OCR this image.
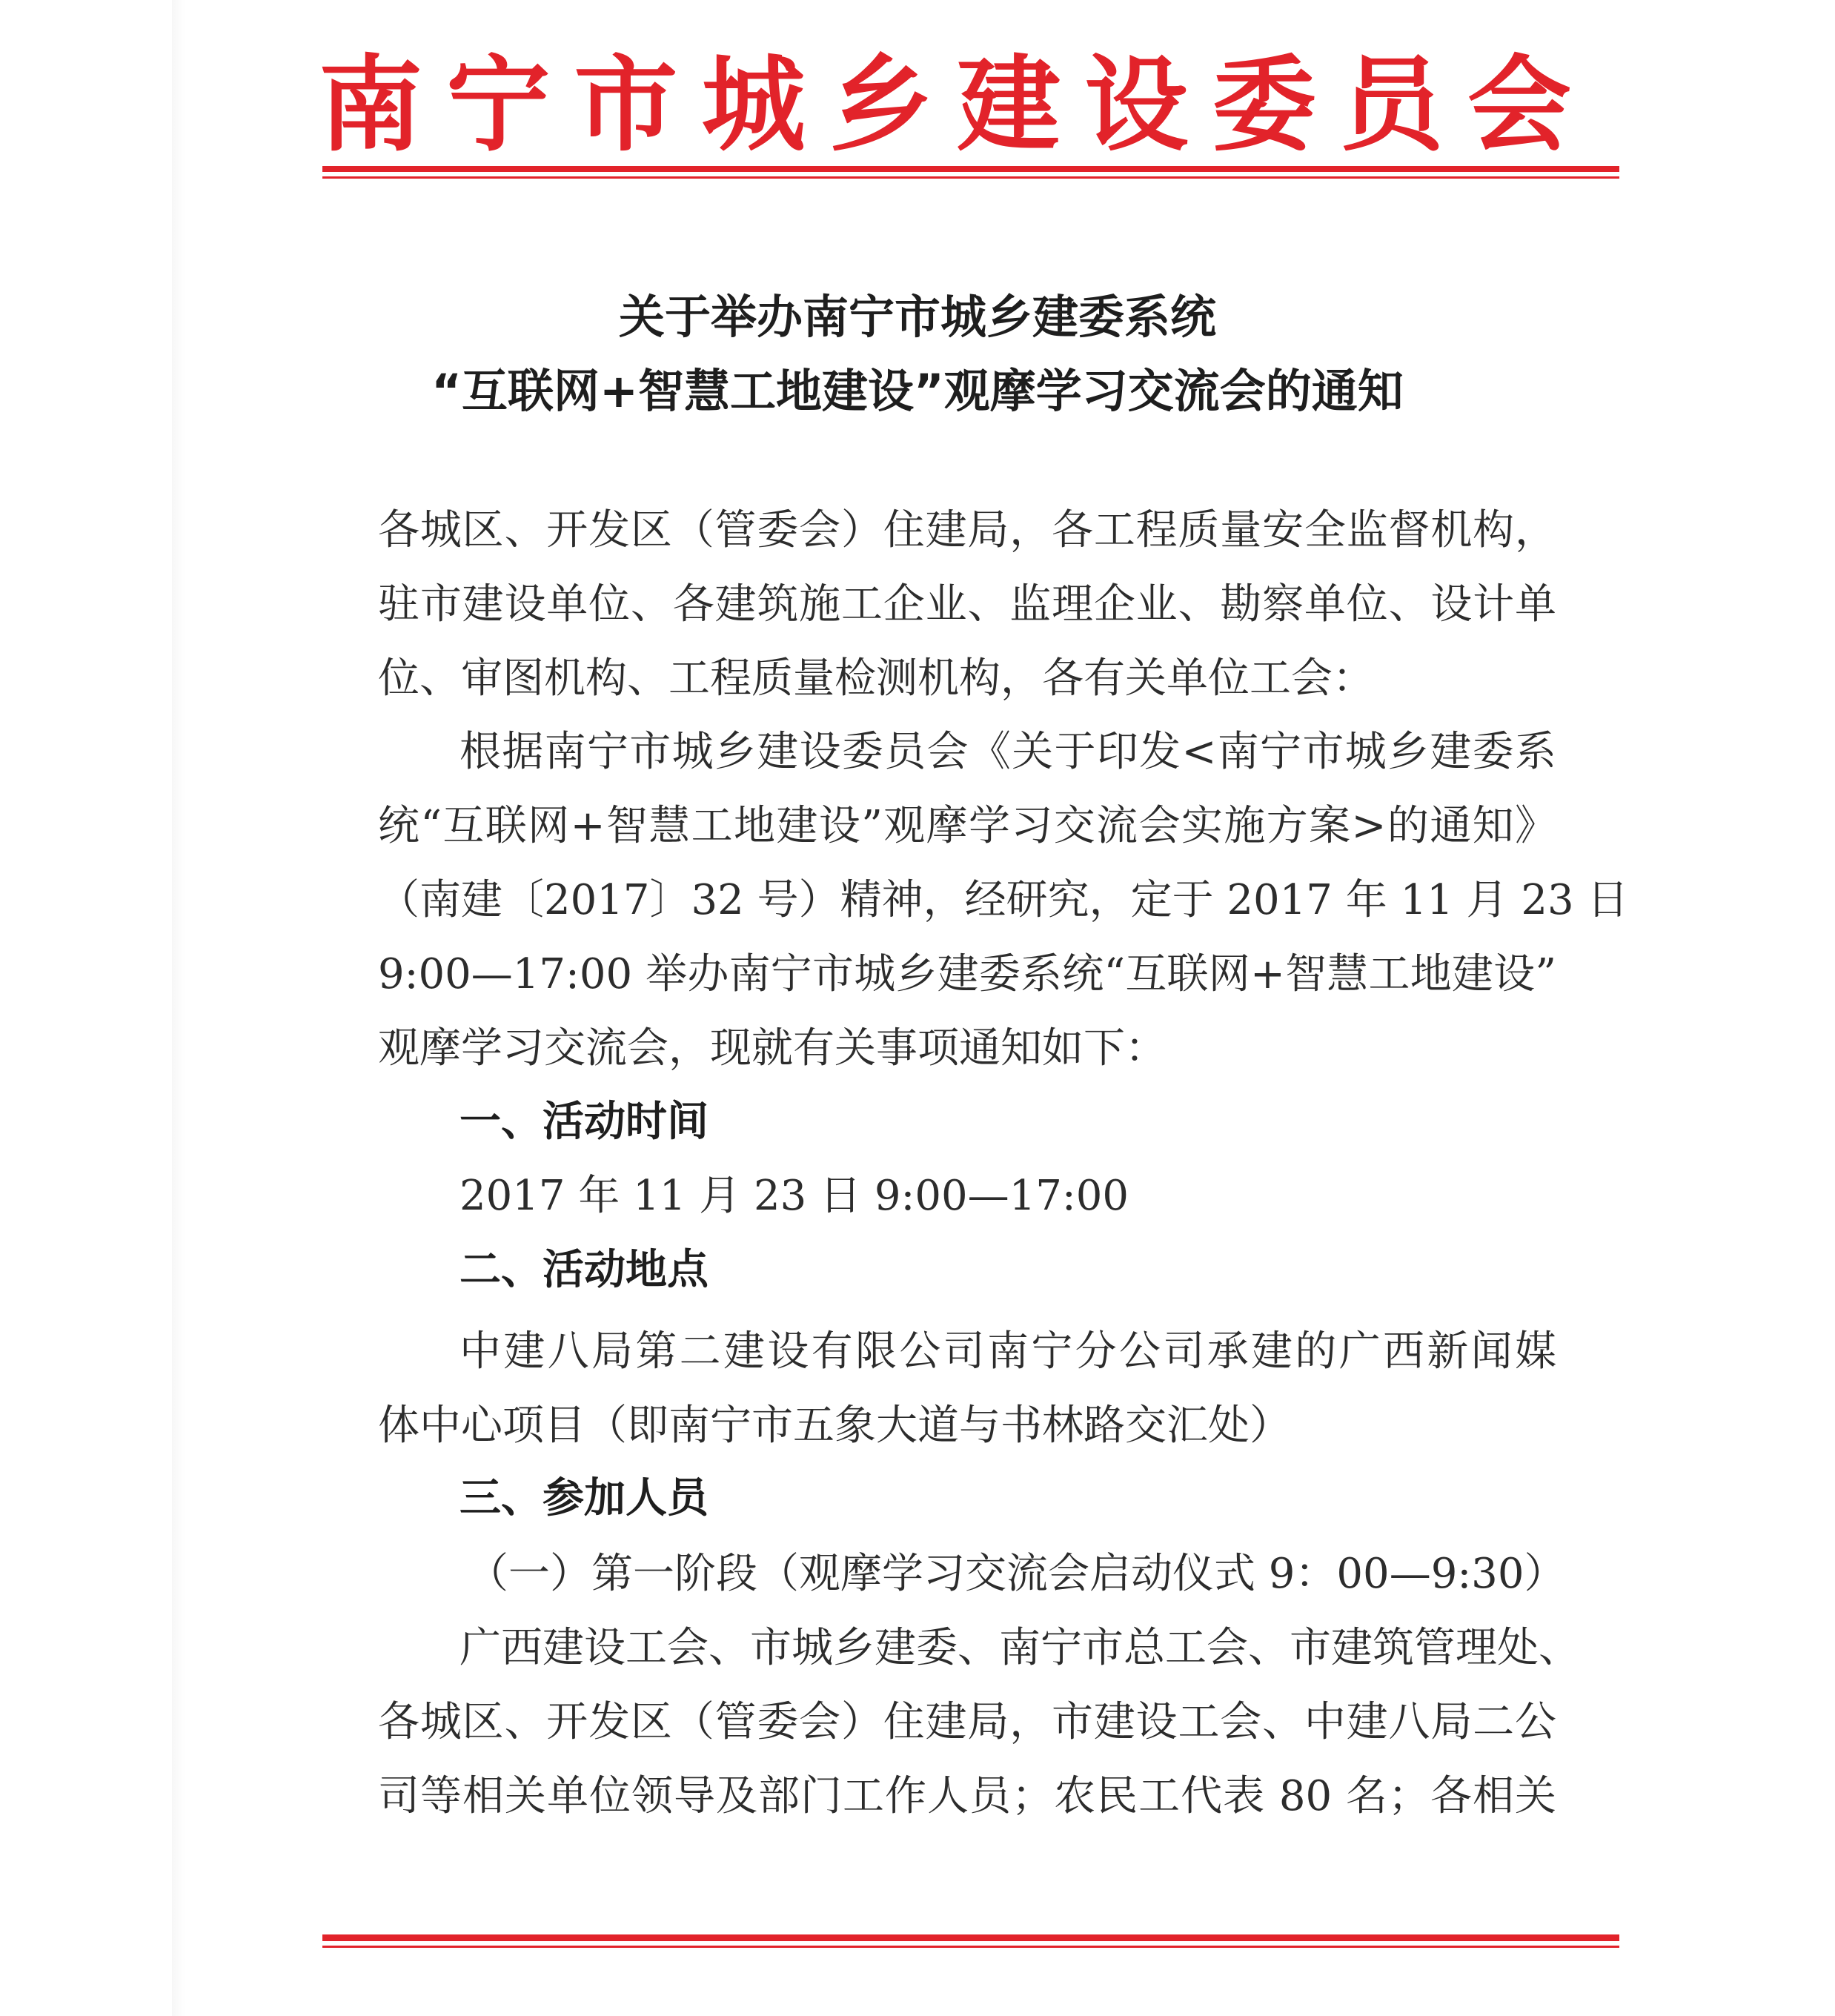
南 宁 市 城 乡 建 设 委 员 会
关于举办南宁市城乡建委系统
“互联网+智慧工地建设”观摩学习交流会的通知
各城区、开发区（管委会）住建局，各工程质量安全监督机构，
驻市建设单位、各建筑施工企业、监理企业、勘察单位、设计单
位、审图机构、工程质量检测机构，各有关单位工会：
根据南宁市城乡建设委员会《关于印发<南宁市城乡建委系
统“互联网+智慧工地建设”观摩学习交流会实施方案>的通知》
（南建〔2017〕32 号）精神，经研究，定于 2017 年 11 月 23 日
9:00—17:00 举办南宁市城乡建委系统“互联网+智慧工地建设”
观摩学习交流会，现就有关事项通知如下：
一、活动时间
2017 年 11 月 23 日 9:00—17:00
二、活动地点
中建八局第二建设有限公司南宁分公司承建的广西新闻媒
体中心项目（即南宁市五象大道与书林路交汇处）
三、参加人员
（一）第一阶段（观摩学习交流会启动仪式 9：00—9:30）
广西建设工会、市城乡建委、南宁市总工会、市建筑管理处、
各城区、开发区（管委会）住建局，市建设工会、中建八局二公
司等相关单位领导及部门工作人员；农民工代表 80 名；各相关
